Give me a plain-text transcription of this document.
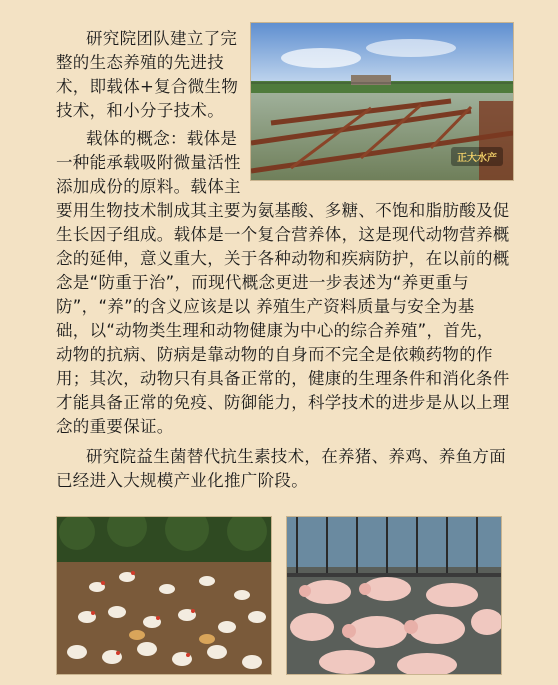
研究院团队建立了完
整的生态养殖的先进技
术，即载体+复合微生物
技术，和小分子技术。
载体的概念：载体是
一种能承载吸附微量活性
添加成份的原料。载体主
要用生物技术制成其主要为氨基酸、多糖、不饱和脂肪酸及促
生长因子组成。载体是一个复合营养体，这是现代动物营养概
念的延伸，意义重大，关于各种动物和疾病防护，在以前的概
念是“防重于治”，而现代概念更进一步表述为“养更重与
防”，“养”的含义应该是以 养殖生产资料质量与安全为基
础，以“动物类生理和动物健康为中心的综合养殖”，首先，
动物的抗病、防病是靠动物的自身而不完全是依赖药物的作
用；其次，动物只有具备正常的，健康的生理条件和消化条件
才能具备正常的免疫、防御能力，科学技术的进步是从以上理
念的重要保证。
研究院益生菌替代抗生素技术，在养猪、养鸡、养鱼方面
已经进入大规模产业化推广阶段。
正大水产
